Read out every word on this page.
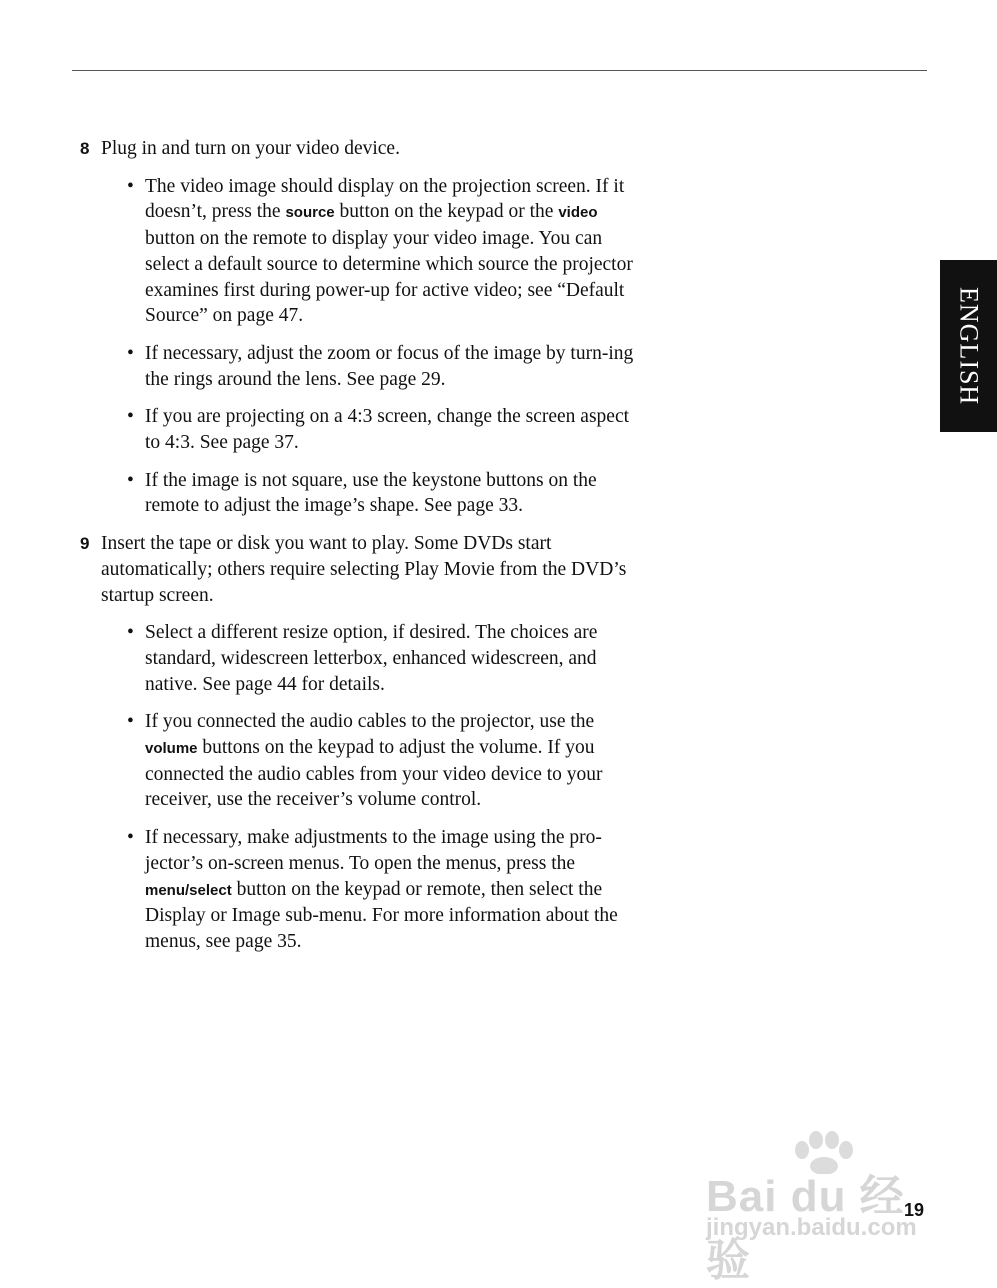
8 Plug in and turn on your video device.
• The video image should display on the projection screen. If it doesn’t, press the source button on the keypad or the video button on the remote to display your video image. You can select a default source to determine which source the projector examines first during power-up for active video; see “Default Source” on page 47.
• If necessary, adjust the zoom or focus of the image by turn-ing the rings around the lens. See page 29.
• If you are projecting on a 4:3 screen, change the screen aspect to 4:3. See page 37.
• If the image is not square, use the keystone buttons on the remote to adjust the image’s shape. See page 33.
9 Insert the tape or disk you want to play. Some DVDs start automatically; others require selecting Play Movie from the DVD’s startup screen.
• Select a different resize option, if desired. The choices are standard, widescreen letterbox, enhanced widescreen, and native. See page 44 for details.
• If you connected the audio cables to the projector, use the volume buttons on the keypad to adjust the volume. If you connected the audio cables from your video device to your receiver, use the receiver’s volume control.
• If necessary, make adjustments to the image using the pro-jector’s on-screen menus. To open the menus, press the menu/select button on the keypad or remote, then select the Display or Image sub-menu. For more information about the menus, see page 35.
ENGLISH
19
Bai du 经验
jingyan.baidu.com
